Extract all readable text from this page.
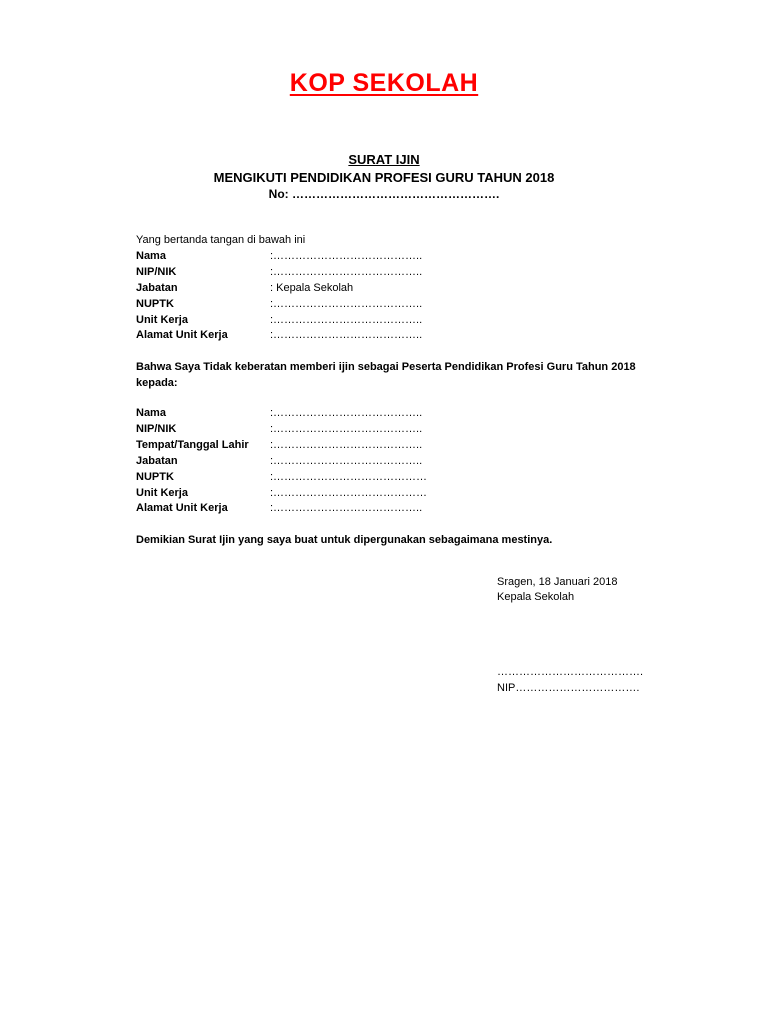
KOP SEKOLAH
SURAT IJIN
MENGIKUTI PENDIDIKAN PROFESI GURU TAHUN 2018
No: …………………………………………….
Yang bertanda tangan di bawah ini
Nama	:…………………………………..
NIP/NIK	:…………………………………..
Jabatan	: Kepala Sekolah
NUPTK	:…………………………………..
Unit Kerja	:…………………………………..
Alamat Unit Kerja	:…………………………………..
Bahwa Saya Tidak keberatan memberi ijin sebagai Peserta Pendidikan Profesi Guru Tahun 2018
kepada:
Nama	:…………………………………..
NIP/NIK	:…………………………………..
Tempat/Tanggal Lahir :…………………………………..
Jabatan	:…………………………………..
NUPTK	:……………………………………
Unit Kerja	:……………………………………
Alamat Unit Kerja	:…………………………………..
Demikian Surat Ijin yang saya buat untuk dipergunakan sebagaimana mestinya.
Sragen, 18 Januari 2018
Kepala Sekolah
………………………………….
NIP…………………………….
